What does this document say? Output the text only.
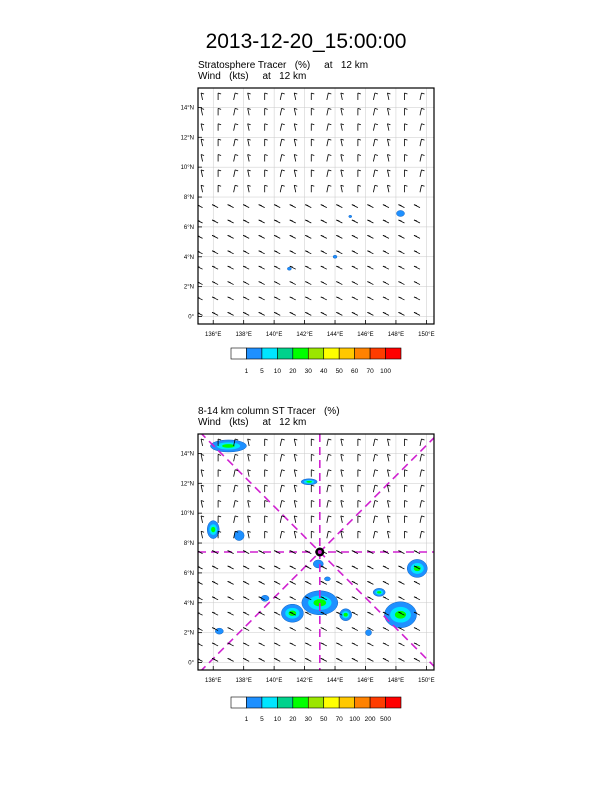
2013-12-20_15:00:00
Stratosphere Tracer   (%)     at   12 km
Wind   (kts)     at   12 km
8-14 km column ST Tracer   (%)
Wind   (kts)     at   12 km
136°E 138°E 140°E 142°E 144°E 146°E 148°E 150°E
0°
2°N
4°N
6°N
8°N
10°N
12°N
14°N
1 5 10 20 30 40 50 60 70 100
136°E 138°E 140°E 142°E 144°E 146°E 148°E 150°E
0°
2°N
4°N
6°N
8°N
10°N
12°N
14°N
1 5 10 20 30 50 70 100 200 500
